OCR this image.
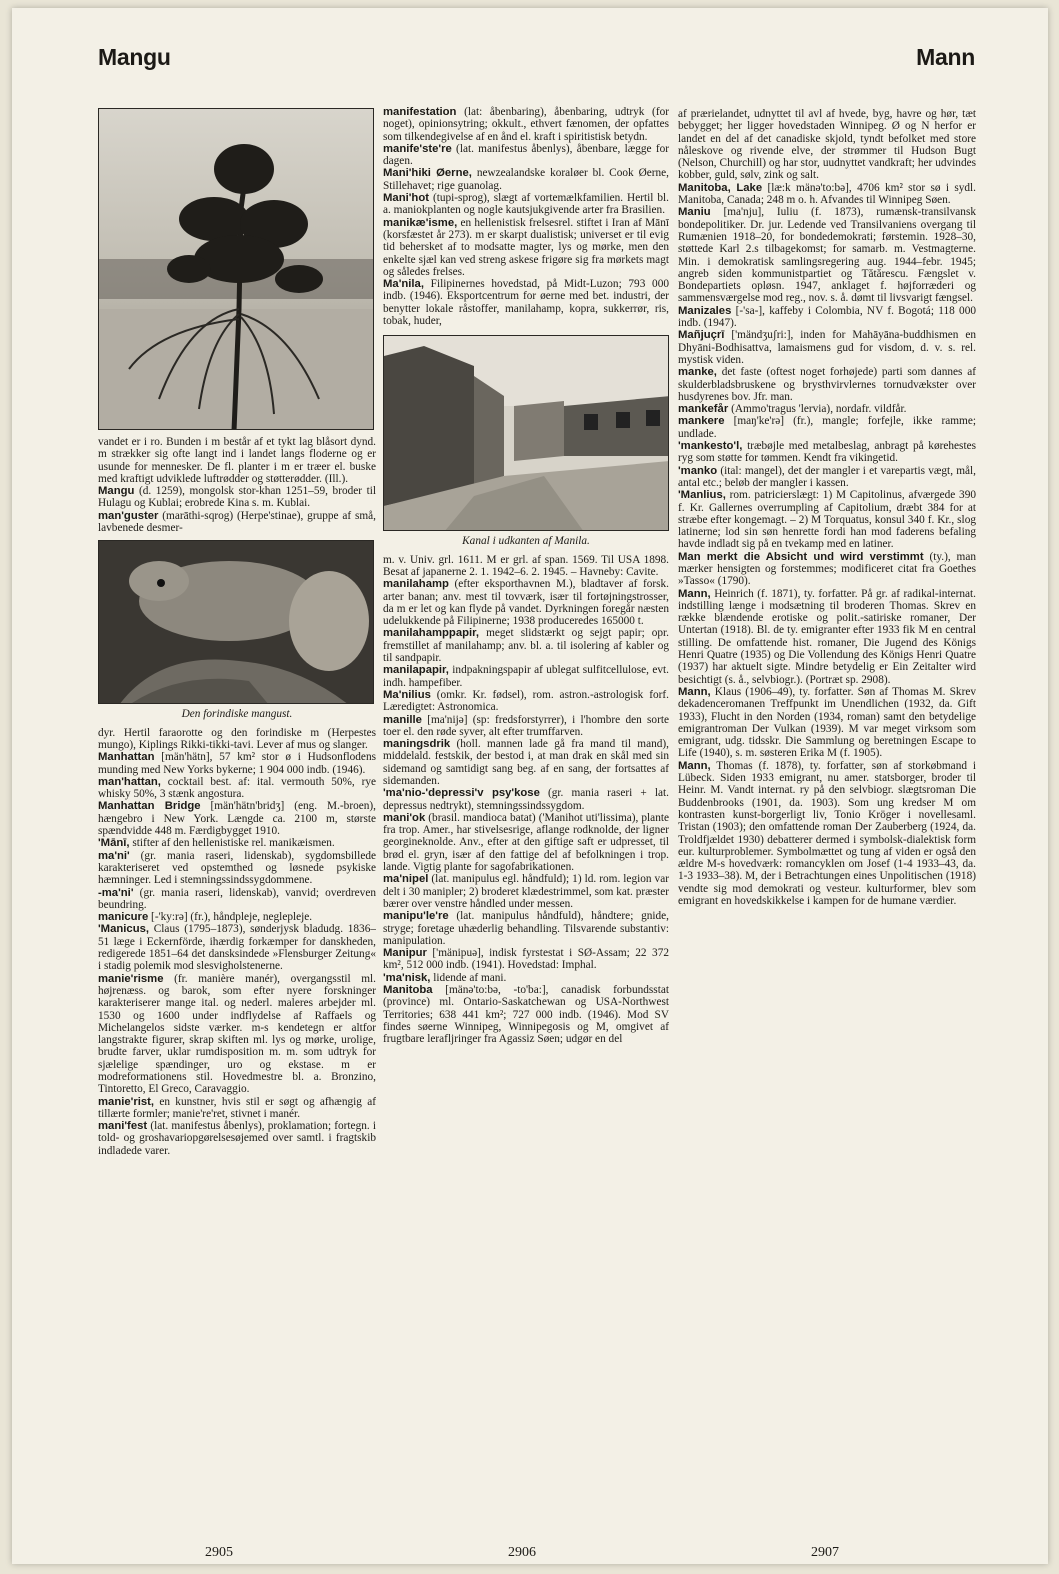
Mangu	Mann
vandet er i ro. Bunden i m består af et tykt lag blåsort dynd. m strækker sig ofte langt ind i landet langs floderne og er usunde for mennesker. De fl. planter i m er træer el. buske med kraftigt udviklede luftrødder og støtterødder. (Ill.).
Mangu (d. 1259), mongolsk stor-khan 1251–59, broder til Hulagu og Kublai; erobrede Kina s. m. Kublai.
man'guster (marāthi-sqrog) (Herpe'stinae), gruppe af små, lavbenede desmer-
Den forindiske mangust.
dyr. Hertil faraorotte og den forindiske m (Herpestes mungo), Kiplings Rikki-tikki-tavi. Lever af mus og slanger.
Manhattan [män'hätn], 57 km² stor ø i Hudsonflodens munding med New Yorks bykerne; 1 904 000 indb. (1946).
man'hattan, cocktail best. af: ital. vermouth 50%, rye whisky 50%, 3 stænk angostura.
Manhattan Bridge [män'hätn'bridʒ] (eng. M.-broen), hængebro i New York. Længde ca. 2100 m, største spændvidde 448 m. Færdigbygget 1910.
'Mānī, stifter af den hellenistiske rel. manikæismen.
ma'ni' (gr. mania raseri, lidenskab), sygdomsbillede karakteriseret ved opstemthed og løsnede psykiske hæmninger. Led i stemningssindssygdommene.
-ma'ni' (gr. mania raseri, lidenskab), vanvid; overdreven beundring.
manicure [-'ky:rə] (fr.), håndpleje, neglepleje.
'Manicus, Claus (1795–1873), sønderjysk bladudg. 1836–51 læge i Eckernförde, ihærdig forkæmper for danskheden, redigerede 1851–64 det dansksindede »Flensburger Zeitung« i stadig polemik mod slesvigholstenerne.
manie'risme (fr. manière manér), overgangsstil ml. højrenæss. og barok, som efter nyere forskninger karakteriserer mange ital. og nederl. maleres arbejder ml. 1530 og 1600 under indflydelse af Raffaels og Michelangelos sidste værker. m-s kendetegn er altfor langstrakte figurer, skrap skiften ml. lys og mørke, urolige, brudte farver, uklar rumdisposition m. m. som udtryk for sjælelige spændinger, uro og ekstase. m er modreformationens stil. Hovedmestre bl. a. Bronzino, Tintoretto, El Greco, Caravaggio.
manie'rist, en kunstner, hvis stil er søgt og afhængig af tillærte formler; manie're'ret, stivnet i manér.
mani'fest (lat. manifestus åbenlys), proklamation; fortegn. i told- og groshavariopgørelsesøjemed over samtl. i fragtskib indladede varer.
manifestation (lat: åbenbaring), åbenbaring, udtryk (for noget), opinionsytring; okkult., ethvert fænomen, der opfattes som tilkendegivelse af en ånd el. kraft i spiritistisk betydn.
manife'ste're (lat. manifestus åbenlys), åbenbare, lægge for dagen.
Mani'hiki Øerne, newzealandske koraløer bl. Cook Øerne, Stillehavet; rige guanolag.
Mani'hot (tupi-sprog), slægt af vortemælkfamilien. Hertil bl. a. maniokplanten og nogle kautsjukgivende arter fra Brasilien.
manikæ'isme, en hellenistisk frelsesrel. stiftet i Iran af Mānī (korsfæstet år 273). m er skarpt dualistisk; universet er til evig tid behersket af to modsatte magter, lys og mørke, men den enkelte sjæl kan ved streng askese frigøre sig fra mørkets magt og således frelses.
Ma'nila, Filipinernes hovedstad, på Midt-Luzon; 793 000 indb. (1946). Eksportcentrum for øerne med bet. industri, der benytter lokale råstoffer, manilahamp, kopra, sukkerrør, ris, tobak, huder,
Kanal i udkanten af Manila.
m. v. Univ. grl. 1611. M er grl. af span. 1569. Til USA 1898. Besat af japanerne 2. 1. 1942–6. 2. 1945. – Havneby: Cavite.
manilahamp (efter eksporthavnen M.), bladtaver af forsk. arter banan; anv. mest til tovværk, især til fortøjningstrosser, da m er let og kan flyde på vandet. Dyrkningen foregår næsten udelukkende på Filipinerne; 1938 produceredes 165000 t.
manilahamppapir, meget slidstærkt og sejgt papir; opr. fremstillet af manilahamp; anv. bl. a. til isolering af kabler og til sandpapir.
manilapapir, indpakningspapir af ublegat sulfitcellulose, evt. indh. hampefiber.
Ma'nilius (omkr. Kr. fødsel), rom. astron.-astrologisk forf. Læredigtet: Astronomica.
manille [ma'nijə] (sp: fredsforstyrrer), i l'hombre den sorte toer el. den røde syver, alt efter trumffarven.
maningsdrik (holl. mannen lade gå fra mand til mand), middelald. festskik, der bestod i, at man drak en skål med sin sidemand og samtidigt sang beg. af en sang, der fortsattes af sidemanden.
'ma'nio-'depressi'v psy'kose (gr. mania raseri + lat. depressus nedtrykt), stemningssindssygdom.
mani'ok (brasil. mandioca batat) ('Manihot uti'lissima), plante fra trop. Amer., har stivelsesrige, aflange rodknolde, der ligner georgineknolde. Anv., efter at den giftige saft er udpresset, til brød el. gryn, især af den fattige del af befolkningen i trop. lande. Vigtig plante for sagofabrikationen.
ma'nipel (lat. manipulus egl. håndfuld); 1) ld. rom. legion var delt i 30 manipler; 2) broderet klædestrimmel, som kat. præster bærer over venstre håndled under messen.
manipu'le're (lat. manipulus håndfuld), håndtere; gnide, stryge; foretage uhæderlig behandling. Tilsvarende substantiv: manipulation.
Manipur ['mänipuə], indisk fyrstestat i SØ-Assam; 22 372 km², 512 000 indb. (1941). Hovedstad: Imphal.
'ma'nisk, lidende af mani.
Manitoba [mänə'to:bə, -to'ba:], canadisk forbundsstat (province) ml. Ontario-Saskatchewan og USA-Northwest Territories; 638 441 km²; 727 000 indb. (1946). Mod SV findes søerne Winnipeg, Winnipegosis og M, omgivet af frugtbare lerafljringer fra Agassiz Søen; udgør en del
af prærielandet, udnyttet til avl af hvede, byg, havre og hør, tæt bebygget; her ligger hovedstaden Winnipeg. Ø og N herfor er landet en del af det canadiske skjold, tyndt befolket med store nåleskove og rivende elve, der strømmer til Hudson Bugt (Nelson, Churchill) og har stor, uudnyttet vandkraft; her udvindes kobber, guld, sølv, zink og salt.
Manitoba, Lake [læ:k mänə'to:bə], 4706 km² stor sø i sydl. Manitoba, Canada; 248 m o. h. Afvandes til Winnipeg Søen.
Maniu [ma'nju], Iuliu (f. 1873), rumænsk-transilvansk bondepolitiker. Dr. jur. Ledende ved Transilvaniens overgang til Rumænien 1918–20, for bondedemokrati; førstemin. 1928–30, støttede Karl 2.s tilbagekomst; for samarb. m. Vestmagterne. Min. i demokratisk samlingsregering aug. 1944–febr. 1945; angreb siden kommunistpartiet og Tătărescu. Fængslet v. Bondepartiets opløsn. 1947, anklaget f. højforræderi og sammensværgelse mod reg., nov. s. å. dømt til livsvarigt fængsel.
Manizales [-'sa-], kaffeby i Colombia, NV f. Bogotá; 118 000 indb. (1947).
Mañjuçrī ['mändʒuʃri:], inden for Mahāyāna-buddhismen en Dhyāni-Bodhisattva, lamaismens gud for visdom, d. v. s. rel. mystisk viden.
manke, det faste (oftest noget forhøjede) parti som dannes af skulderbladsbruskene og brysthvirvlernes tornudvækster over husdyrenes bov. Jfr. man.
mankefår (Ammo'tragus 'lervia), nordafr. vildfår.
mankere [maŋ'ke'rə] (fr.), mangle; forfejle, ikke ramme; undlade.
'mankesto'l, træbøjle med metalbeslag, anbragt på kørehestes ryg som støtte for tømmen. Kendt fra vikingetid.
'manko (ital: mangel), det der mangler i et varepartis vægt, mål, antal etc.; beløb der mangler i kassen.
'Manlius, rom. patricierslægt: 1) M Capitolinus, afværgede 390 f. Kr. Gallernes overrumpling af Capitolium, dræbt 384 for at stræbe efter kongemagt. – 2) M Torquatus, konsul 340 f. Kr., slog latinerne; lod sin søn henrette fordi han mod faderens befaling havde indladt sig på en tvekamp med en latiner.
Man merkt die Absicht und wird verstimmt (ty.), man mærker hensigten og forstemmes; modificeret citat fra Goethes »Tasso« (1790).
Mann, Heinrich (f. 1871), ty. forfatter. På gr. af radikal-internat. indstilling længe i modsætning til broderen Thomas. Skrev en række blændende erotiske og polit.-satiriske romaner, Der Untertan (1918). Bl. de ty. emigranter efter 1933 fik M en central stilling. De omfattende hist. romaner, Die Jugend des Königs Henri Quatre (1935) og Die Vollendung des Königs Henri Quatre (1937) har aktuelt sigte. Mindre betydelig er Ein Zeitalter wird besichtigt (s. å., selvbiogr.). (Portræt sp. 2908).
Mann, Klaus (1906–49), ty. forfatter. Søn af Thomas M. Skrev dekadenceromanen Treffpunkt im Unendlichen (1932, da. Gift 1933), Flucht in den Norden (1934, roman) samt den betydelige emigrantroman Der Vulkan (1939). M var meget virksom som emigrant, udg. tidsskr. Die Sammlung og beretningen Escape to Life (1940), s. m. søsteren Erika M (f. 1905).
Mann, Thomas (f. 1878), ty. forfatter, søn af storkøbmand i Lübeck. Siden 1933 emigrant, nu amer. statsborger, broder til Heinr. M. Vandt internat. ry på den selvbiogr. slægtsroman Die Buddenbrooks (1901, da. 1903). Som ung kredser M om kontrasten kunst-borgerligt liv, Tonio Kröger i novellesaml. Tristan (1903); den omfattende roman Der Zauberberg (1924, da. Troldfjældet 1930) debatterer dermed i symbolsk-dialektisk form eur. kulturproblemer. Symbolmættet og tung af viden er også den ældre M-s hovedværk: romancyklen om Josef (1-4 1933–43, da. 1-3 1933–38). M, der i Betrachtungen eines Unpolitischen (1918) vendte sig mod demokrati og vesteur. kulturformer, blev som emigrant en hovedskikkelse i kampen for de humane værdier.
2905	2906	2907
